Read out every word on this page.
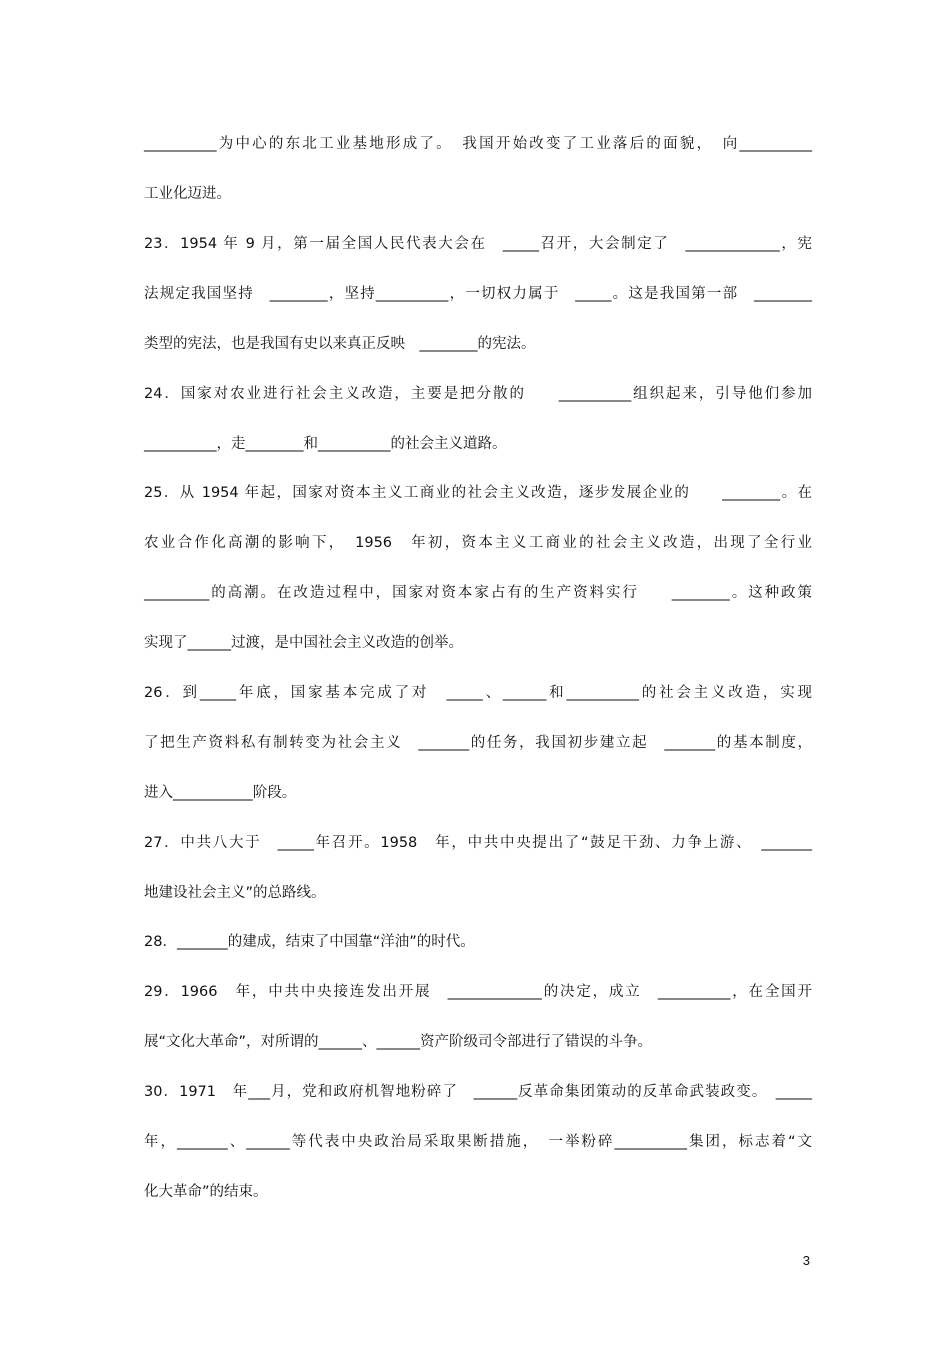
__________为中心的东北工业基地形成了。　我国开始改变了工业落后的面貌，　向__________
工业化迈进。
23．1954 年 9 月，第一届全国人民代表大会在　_____召开，大会制定了　_____________，宪
法规定我国坚持　________，坚持__________，一切权力属于　_____。这是我国第一部　________
类型的宪法，也是我国有史以来真正反映　________的宪法。
24．国家对农业进行社会主义改造，主要是把分散的　　__________组织起来，引导他们参加
__________，走________和__________的社会主义道路。
25．从 1954 年起，国家对资本主义工商业的社会主义改造，逐步发展企业的　　________。在
农业合作化高潮的影响下，　1956　年初，资本主义工商业的社会主义改造，出现了全行业
_________的高潮。在改造过程中，国家对资本家占有的生产资料实行　　________。这种政策
实现了______过渡，是中国社会主义改造的创举。
26．到_____年底，国家基本完成了对　_____、______和__________的社会主义改造，实现
了把生产资料私有制转变为社会主义　_______的任务，我国初步建立起　_______的基本制度，
进入___________阶段。
27．中共八大于　_____年召开。1958　年，中共中央提出了“鼓足干劲、力争上游、　_______
地建设社会主义”的总路线。
28．_______的建成，结束了中国靠“洋油”的时代。
29．1966　年，中共中央接连发出开展　_____________的决定，成立　__________，在全国开
展“文化大革命”，对所谓的______、______资产阶级司令部进行了错误的斗争。
30．1971　年___月，党和政府机智地粉碎了　______反革命集团策动的反革命武装政变。　_____
年，_______、______等代表中央政治局采取果断措施，　一举粉碎__________集团，标志着“文
化大革命”的结束。
3
